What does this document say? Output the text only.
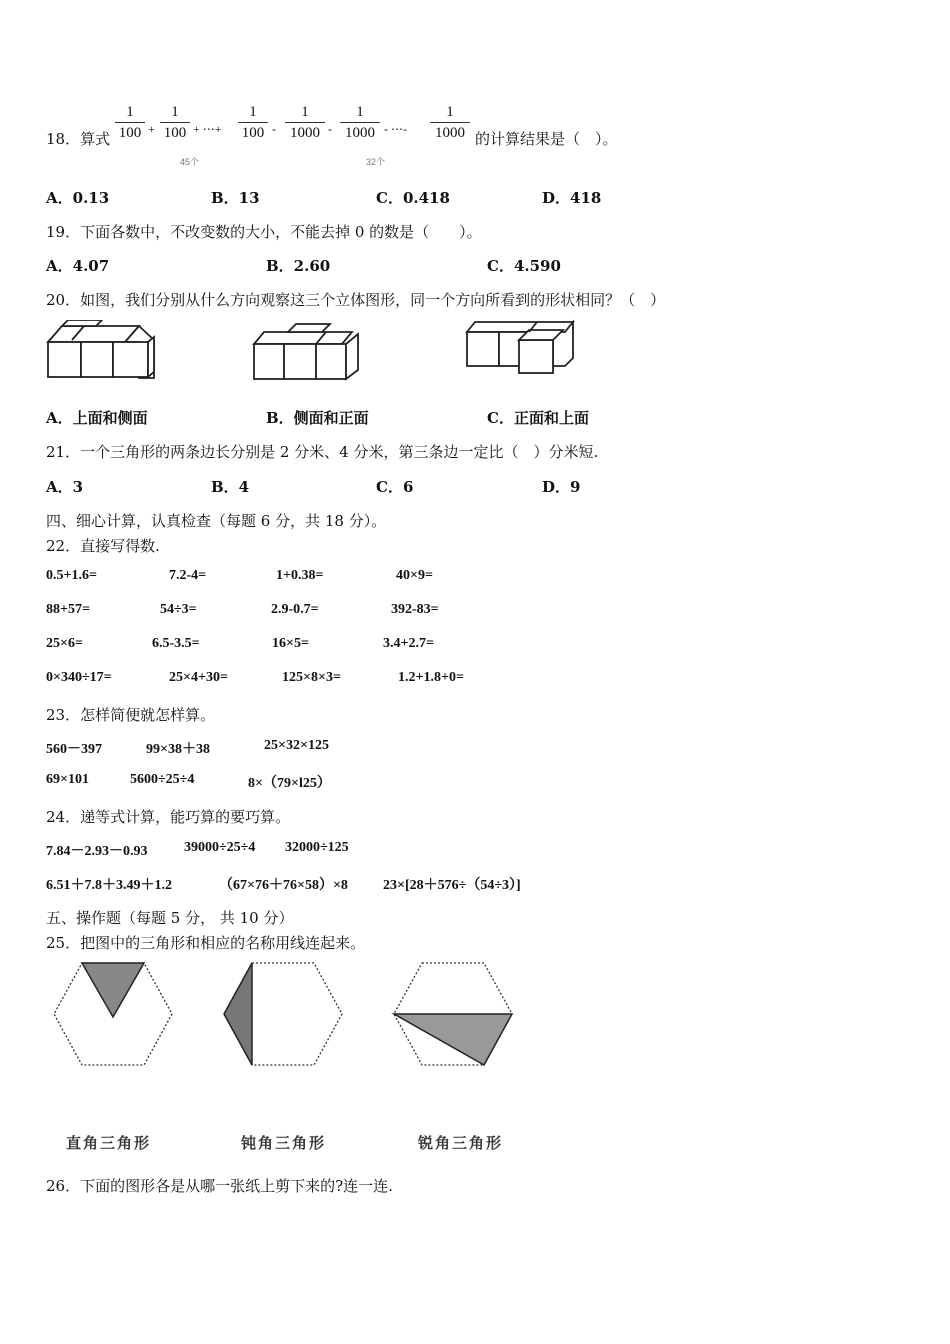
18．算式
1
100 +
1
100 + ⋯+
1
100 -
1
1000 -
1
1000 - ⋯-
1
1000
45个	32个
的计算结果是（　）。
A．0.13	B．13	C．0.418	D．418
19．下面各数中，不改变数的大小，不能去掉 0 的数是（　　）。
A．4.07	B．2.60	C．4.590
20．如图，我们分别从什么方向观察这三个立体图形，同一个方向所看到的形状相同？（　）
A．上面和侧面	B．侧面和正面	C．正面和上面
21．一个三角形的两条边长分别是 2 分米、4 分米，第三条边一定比（　）分米短.
A．3	B．4	C．6	D．9
四、细心计算，认真检查（每题 6 分，共 18 分）。
22．直接写得数.
0.5+1.6=	7.2-4=	1+0.38=	40×9=
88+57=	54÷3=	2.9-0.7=	392-83=
25×6=	6.5-3.5=	16×5=	3.4+2.7=
0×340÷17=	25×4+30=	125×8×3=	1.2+1.8+0=
23．怎样简便就怎样算。
560－397	99×38＋38	25×32×125
69×101	5600÷25÷4	8×（79×l25）
24．递等式计算，能巧算的要巧算。
7.84－2.93－0.93	39000÷25÷4 32000÷125
6.51＋7.8＋3.49＋1.2	（67×76＋76×58）×8	23×[28＋576÷（54÷3）]
五、操作题（每题 5 分， 共 10 分）
25．把图中的三角形和相应的名称用线连起来。
直角三角形	钝角三角形	锐角三角形
26．下面的图形各是从哪一张纸上剪下来的?连一连.
